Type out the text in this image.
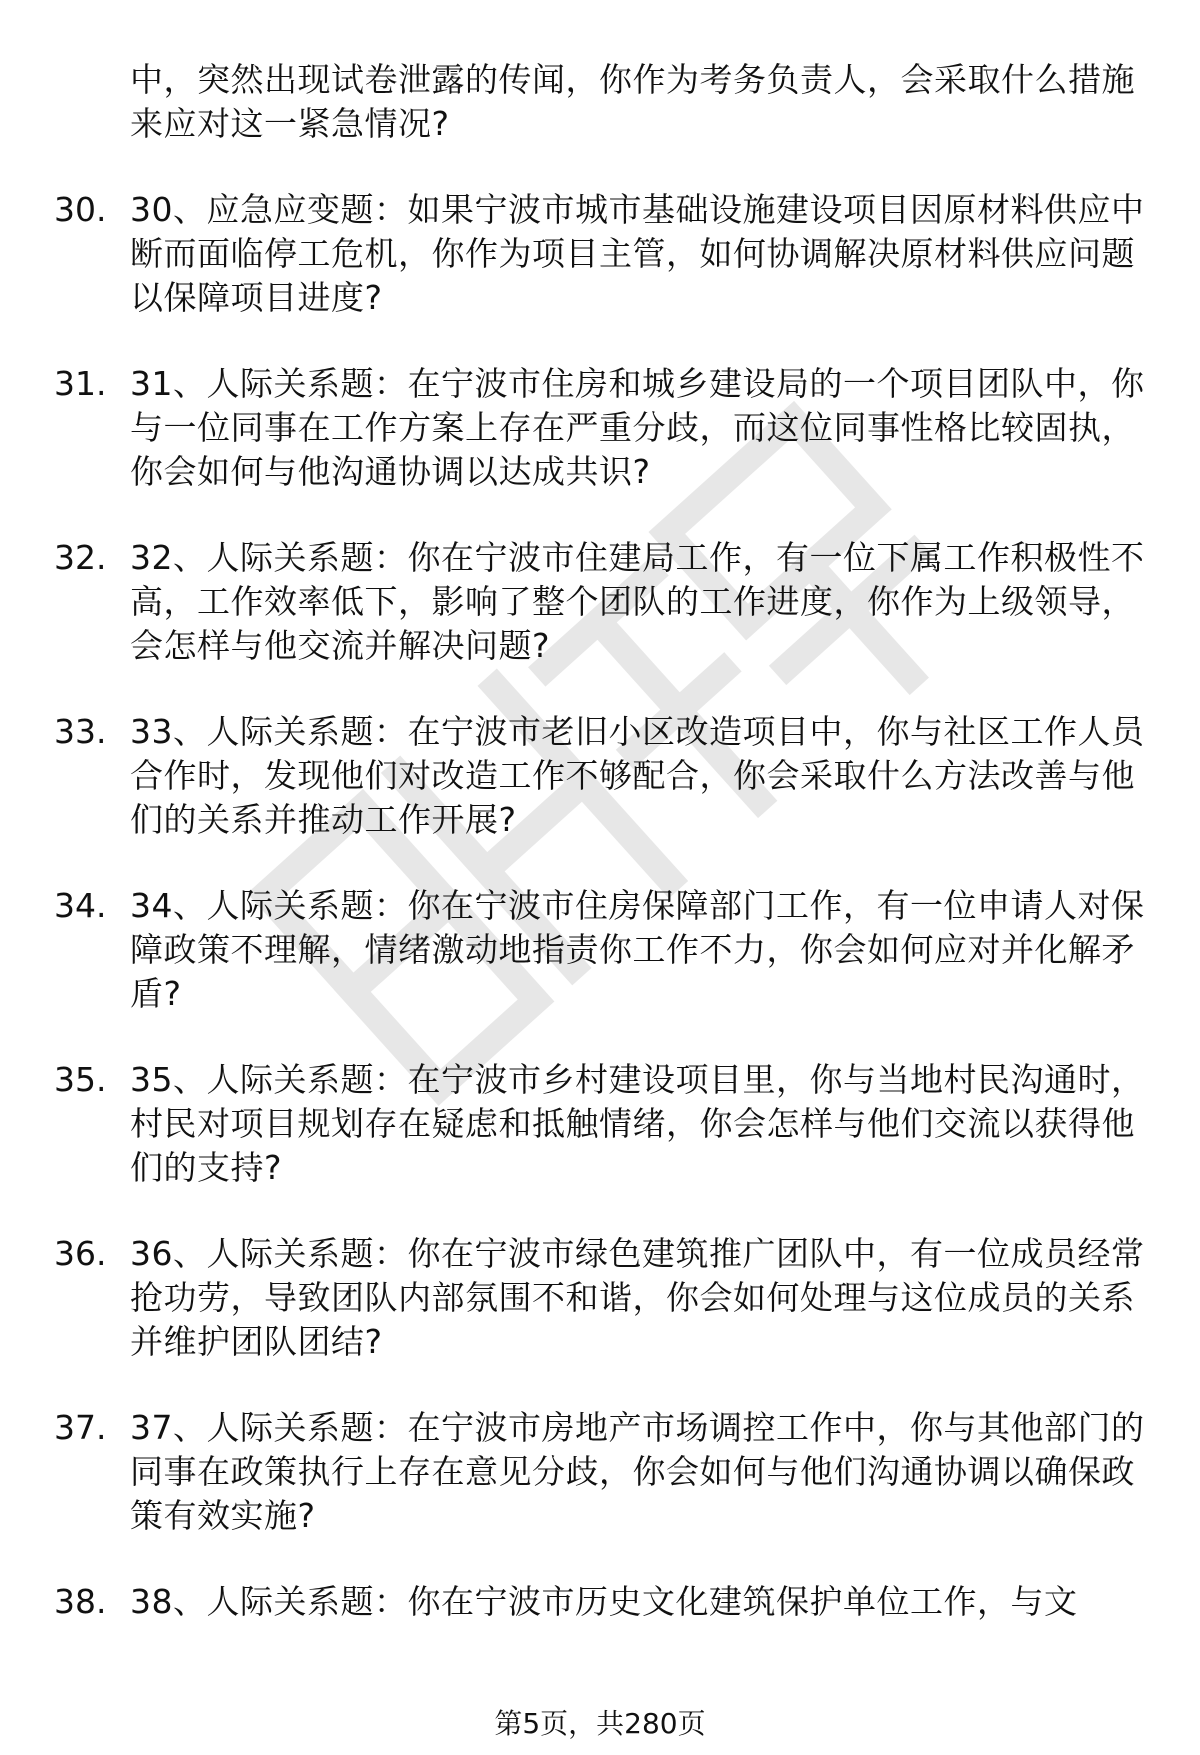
中，突然出现试卷泄露的传闻，你作为考务负责人，会采取什么措施来应对这一紧急情况?
30. 30、应急应变题：如果宁波市城市基础设施建设项目因原材料供应中断而面临停工危机，你作为项目主管，如何协调解决原材料供应问题以保障项目进度?
31. 31、人际关系题：在宁波市住房和城乡建设局的一个项目团队中，你与一位同事在工作方案上存在严重分歧，而这位同事性格比较固执，你会如何与他沟通协调以达成共识?
32. 32、人际关系题：你在宁波市住建局工作，有一位下属工作积极性不高，工作效率低下，影响了整个团队的工作进度，你作为上级领导，会怎样与他交流并解决问题?
33. 33、人际关系题：在宁波市老旧小区改造项目中，你与社区工作人员合作时，发现他们对改造工作不够配合，你会采取什么方法改善与他们的关系并推动工作开展?
34. 34、人际关系题：你在宁波市住房保障部门工作，有一位申请人对保障政策不理解，情绪激动地指责你工作不力，你会如何应对并化解矛盾?
35. 35、人际关系题：在宁波市乡村建设项目里，你与当地村民沟通时，村民对项目规划存在疑虑和抵触情绪，你会怎样与他们交流以获得他们的支持?
36. 36、人际关系题：你在宁波市绿色建筑推广团队中，有一位成员经常抢功劳，导致团队内部氛围不和谐，你会如何处理与这位成员的关系并维护团队团结?
37. 37、人际关系题：在宁波市房地产市场调控工作中，你与其他部门的同事在政策执行上存在意见分歧，你会如何与他们沟通协调以确保政策有效实施?
38. 38、人际关系题：你在宁波市历史文化建筑保护单位工作，与文
第5页，共280页
